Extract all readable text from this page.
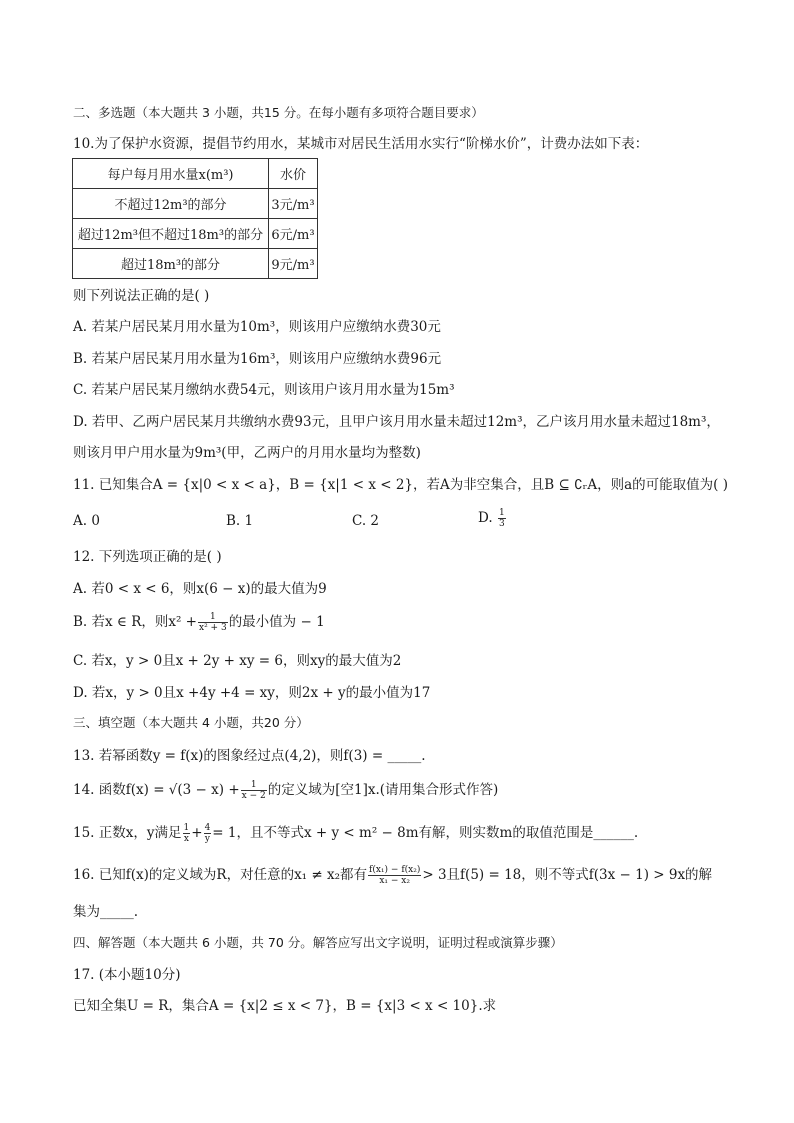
二、多选题（本大题共 3 小题，共15 分。在每小题有多项符合题目要求）
10.为了保护水资源，提倡节约用水，某城市对居民生活用水实行“阶梯水价”，计费办法如下表：
每户每月用水量x(m³)	水价
不超过12m³的部分	3元/m³
超过12m³但不超过18m³的部分	6元/m³
超过18m³的部分	9元/m³
则下列说法正确的是( )
A. 若某户居民某月用水量为10m³，则该用户应缴纳水费30元
B. 若某户居民某月用水量为16m³，则该用户应缴纳水费96元
C. 若某户居民某月缴纳水费54元，则该用户该月用水量为15m³
D. 若甲、乙两户居民某月共缴纳水费93元，且甲户该月用水量未超过12m³，乙户该月用水量未超过18m³，
则该月甲户用水量为9m³(甲，乙两户的月用水量均为整数)
11. 已知集合A = {x|0 < x < a}，B = {x|1 < x < 2}，若A为非空集合，且B ⊆ ∁ᵣA，则a的可能取值为( )
A. 0	B. 1	C. 2	D. $\frac{1}{3}$
12. 下列选项正确的是( )
A. 若0 < x < 6，则x(6 − x)的最大值为9
B. 若x ∈ R，则$x^2 + \frac{1}{\text{x² + 3}}$ 的最小值为 − 1
C. 若x，y > 0且x + 2y + xy = 6，则xy的最大值为2
D. 若x，y > 0且x +4y +4 = xy，则2x + y的最小值为17
三、填空题（本大题共 4 小题，共20 分）
13. 若幂函数y = f(x)的图象经过点(4,2)，则f(3) = _____.
14. 函数$f(x) = √(3 - x) + \frac{1}{x - 2}$ 的定义域为[空1]x.(请用集合形式作答)
15. 正数x，y满足 $\frac{1}{x} + \frac{4}{y} = 1$，且不等式x + y < m² − 8m有解，则实数m的取值范围是______.
16. 已知f(x)的定义域为R，对任意的x₁ ≠ x₂都有 $\frac{\text{f(x₁) − f(x₂)}}{\text{x₁ − x₂}} > 3$且f(5) = 18，则不等式f(3x − 1) > 9x的解
集为_____.
四、解答题（本大题共 6 小题，共 70 分。解答应写出文字说明，证明过程或演算步骤）
17. (本小题10分)
已知全集U = R，集合A = {x|2 ≤ x < 7}，B = {x|3 < x < 10}.求
